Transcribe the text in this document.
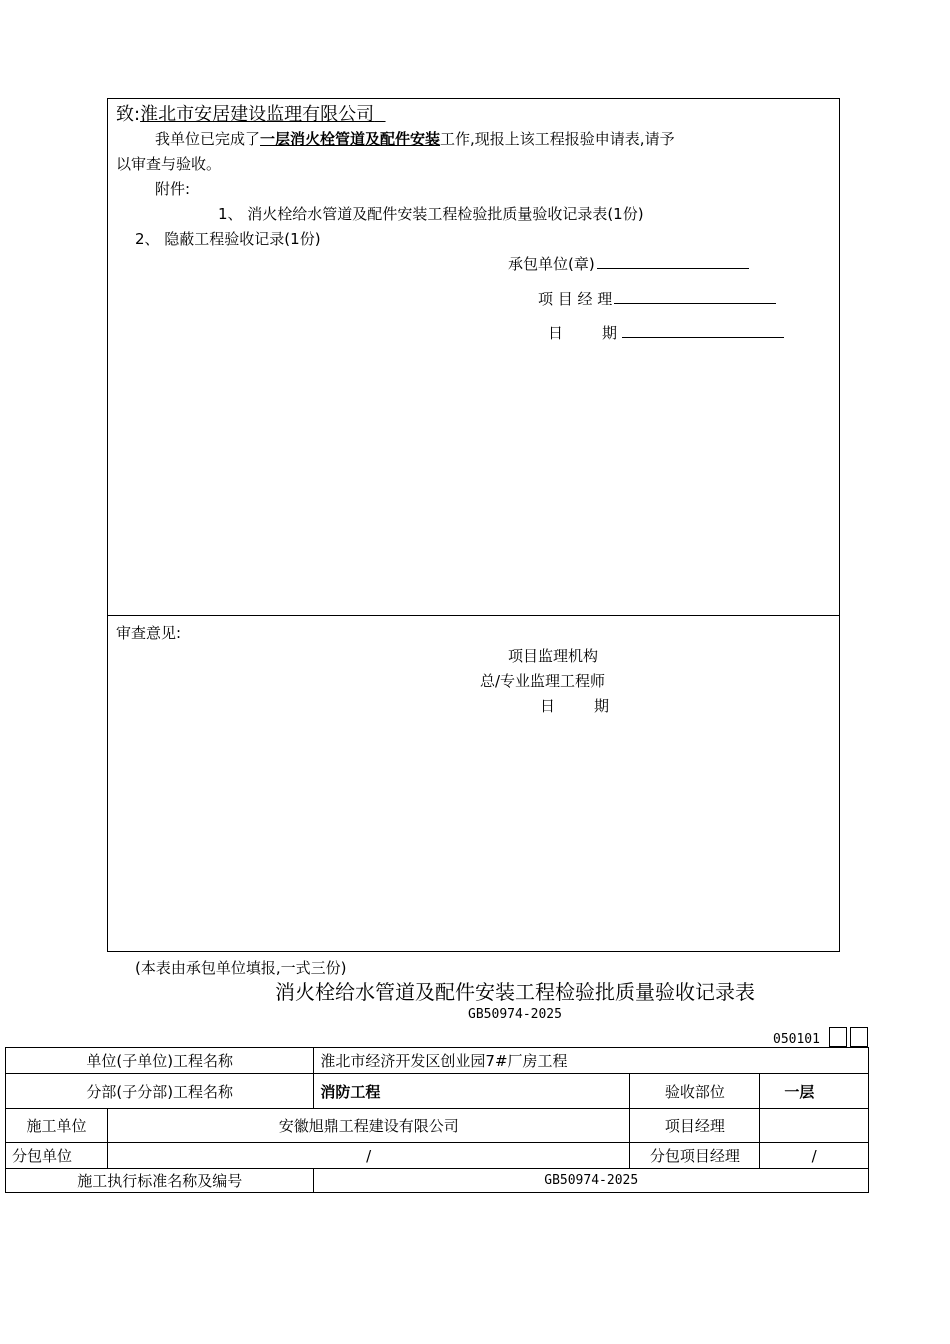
致:淮北市安居建设监理有限公司
我单位已完成了一层消火栓管道及配件安装工作,现报上该工程报验申请表,请予
以审查与验收。
附件:
1、 消火栓给水管道及配件安装工程检验批质量验收记录表(1份)
2、 隐蔽工程验收记录(1份)
承包单位(章)
项 目 经 理
日　　期
审查意见:
项目监理机构
总/专业监理工程师
日　　期
(本表由承包单位填报,一式三份)
消火栓给水管道及配件安装工程检验批质量验收记录表
GB50974-2025
050101
单位(子单位)工程名称		淮北市经济开发区创业园7#厂房工程		
分部(子分部)工程名称		消防工程	验收部位	一层
施工单位	安徽旭鼎工程建设有限公司		项目经理	
分包单位	/		分包项目经理	/
施工执行标准名称及编号		GB50974-2025		
